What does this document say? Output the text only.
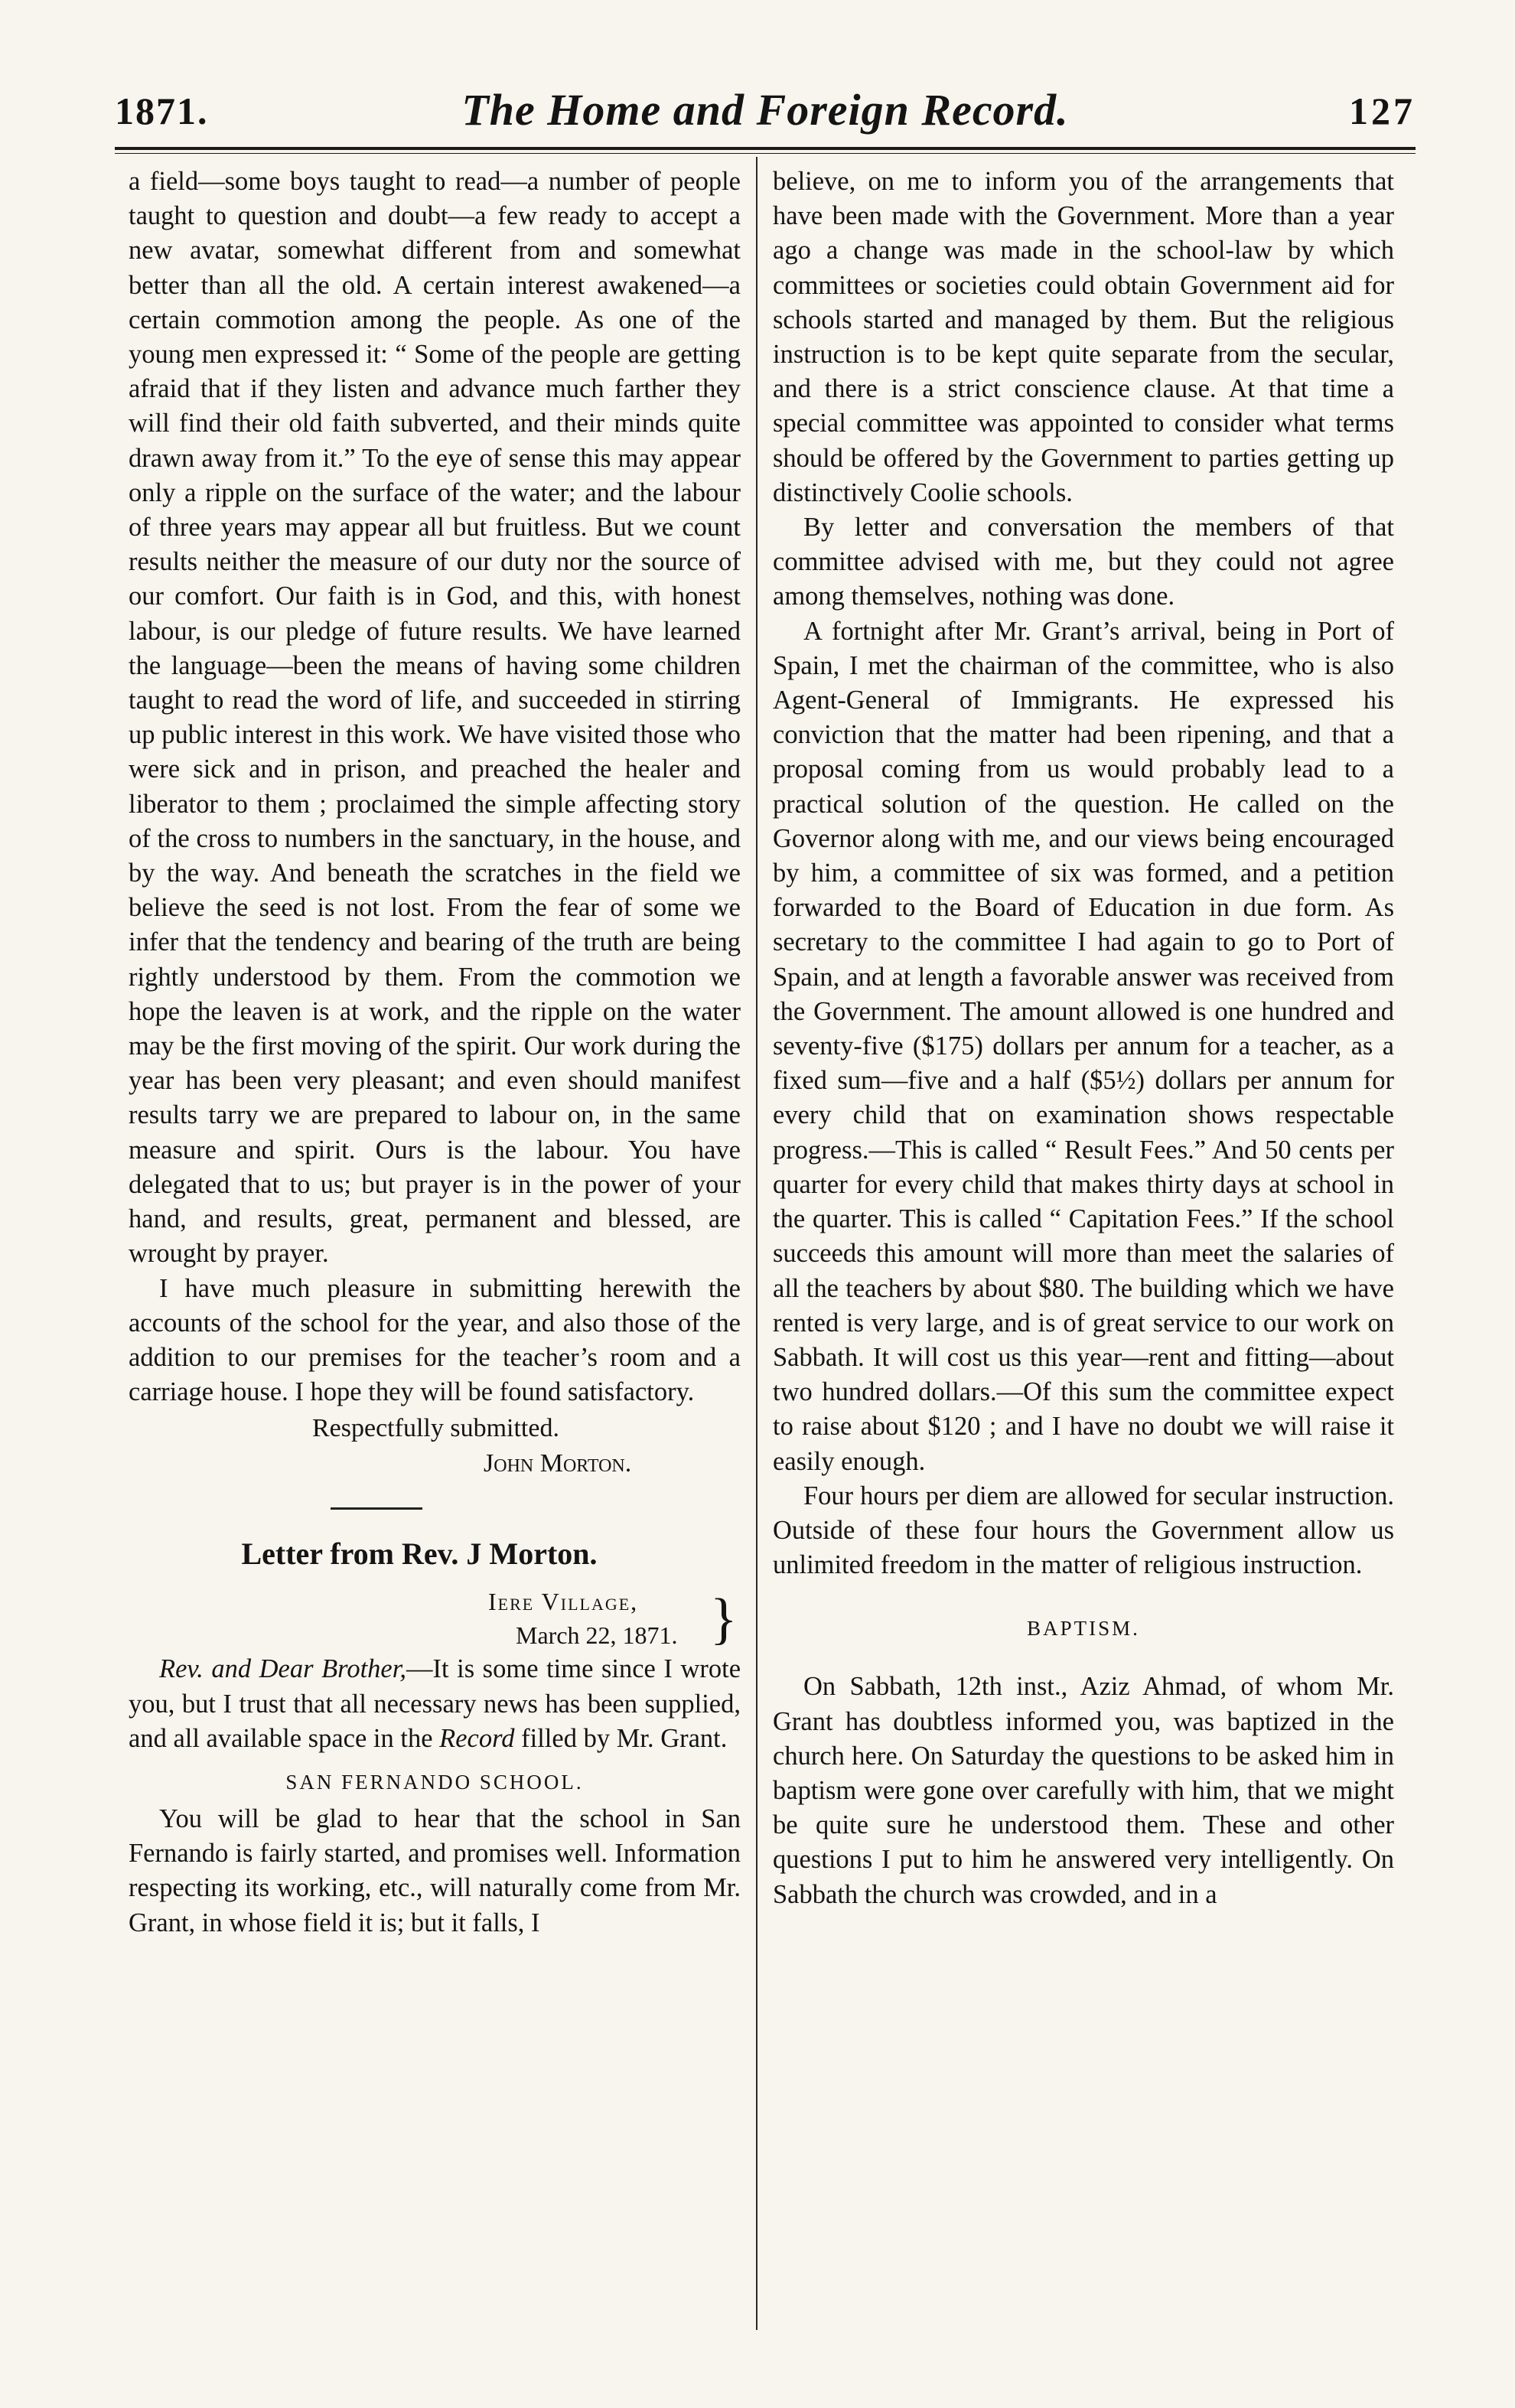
1871.	The Home and Foreign Record.	127

a field—some boys taught to read—a number of people taught to question and doubt—a few ready to accept a new avatar, somewhat different from and somewhat better than all the old. A certain interest awakened—a certain commotion among the people. As one of the young men expressed it: “ Some of the people are getting afraid that if they listen and advance much farther they will find their old faith subverted, and their minds quite drawn away from it.” To the eye of sense this may appear only a ripple on the surface of the water; and the labour of three years may appear all but fruitless. But we count results neither the measure of our duty nor the source of our comfort. Our faith is in God, and this, with honest labour, is our pledge of future results. We have learned the language—been the means of having some children taught to read the word of life, and succeeded in stirring up public interest in this work. We have visited those who were sick and in prison, and preached the healer and liberator to them ; proclaimed the simple affecting story of the cross to numbers in the sanctuary, in the house, and by the way. And beneath the scratches in the field we believe the seed is not lost. From the fear of some we infer that the tendency and bearing of the truth are being rightly understood by them. From the commotion we hope the leaven is at work, and the ripple on the water may be the first moving of the spirit. Our work during the year has been very pleasant; and even should manifest results tarry we are prepared to labour on, in the same measure and spirit. Ours is the labour. You have delegated that to us; but prayer is in the power of your hand, and results, great, permanent and blessed, are wrought by prayer.

I have much pleasure in submitting herewith the accounts of the school for the year, and also those of the addition to our premises for the teacher’s room and a carriage house. I hope they will be found satisfactory.

Respectfully submitted.

John Morton.

Letter from Rev. J Morton.
Iere Village,
March 22, 1871. }

Rev. and Dear Brother,—It is some time since I wrote you, but I trust that all necessary news has been supplied, and all available space in the Record filled by Mr. Grant.

SAN FERNANDO SCHOOL.

You will be glad to hear that the school in San Fernando is fairly started, and promises well. Information respecting its working, etc., will naturally come from Mr. Grant, in whose field it is; but it falls, I

believe, on me to inform you of the arrangements that have been made with the Government. More than a year ago a change was made in the school-law by which committees or societies could obtain Government aid for schools started and managed by them. But the religious instruction is to be kept quite separate from the secular, and there is a strict conscience clause. At that time a special committee was appointed to consider what terms should be offered by the Government to parties getting up distinctively Coolie schools.

By letter and conversation the members of that committee advised with me, but they could not agree among themselves, nothing was done.

A fortnight after Mr. Grant’s arrival, being in Port of Spain, I met the chairman of the committee, who is also Agent-General of Immigrants. He expressed his conviction that the matter had been ripening, and that a proposal coming from us would probably lead to a practical solution of the question. He called on the Governor along with me, and our views being encouraged by him, a committee of six was formed, and a petition forwarded to the Board of Education in due form. As secretary to the committee I had again to go to Port of Spain, and at length a favorable answer was received from the Government. The amount allowed is one hundred and seventy-five ($175) dollars per annum for a teacher, as a fixed sum—five and a half ($5½) dollars per annum for every child that on examination shows respectable progress.—This is called “ Result Fees.” And 50 cents per quarter for every child that makes thirty days at school in the quarter. This is called “ Capitation Fees.” If the school succeeds this amount will more than meet the salaries of all the teachers by about $80. The building which we have rented is very large, and is of great service to our work on Sabbath. It will cost us this year—rent and fitting—about two hundred dollars.—Of this sum the committee expect to raise about $120 ; and I have no doubt we will raise it easily enough.

Four hours per diem are allowed for secular instruction. Outside of these four hours the Government allow us unlimited freedom in the matter of religious instruction.

BAPTISM.

On Sabbath, 12th inst., Aziz Ahmad, of whom Mr. Grant has doubtless informed you, was baptized in the church here. On Saturday the questions to be asked him in baptism were gone over carefully with him, that we might be quite sure he understood them. These and other questions I put to him he answered very intelligently. On Sabbath the church was crowded, and in a
